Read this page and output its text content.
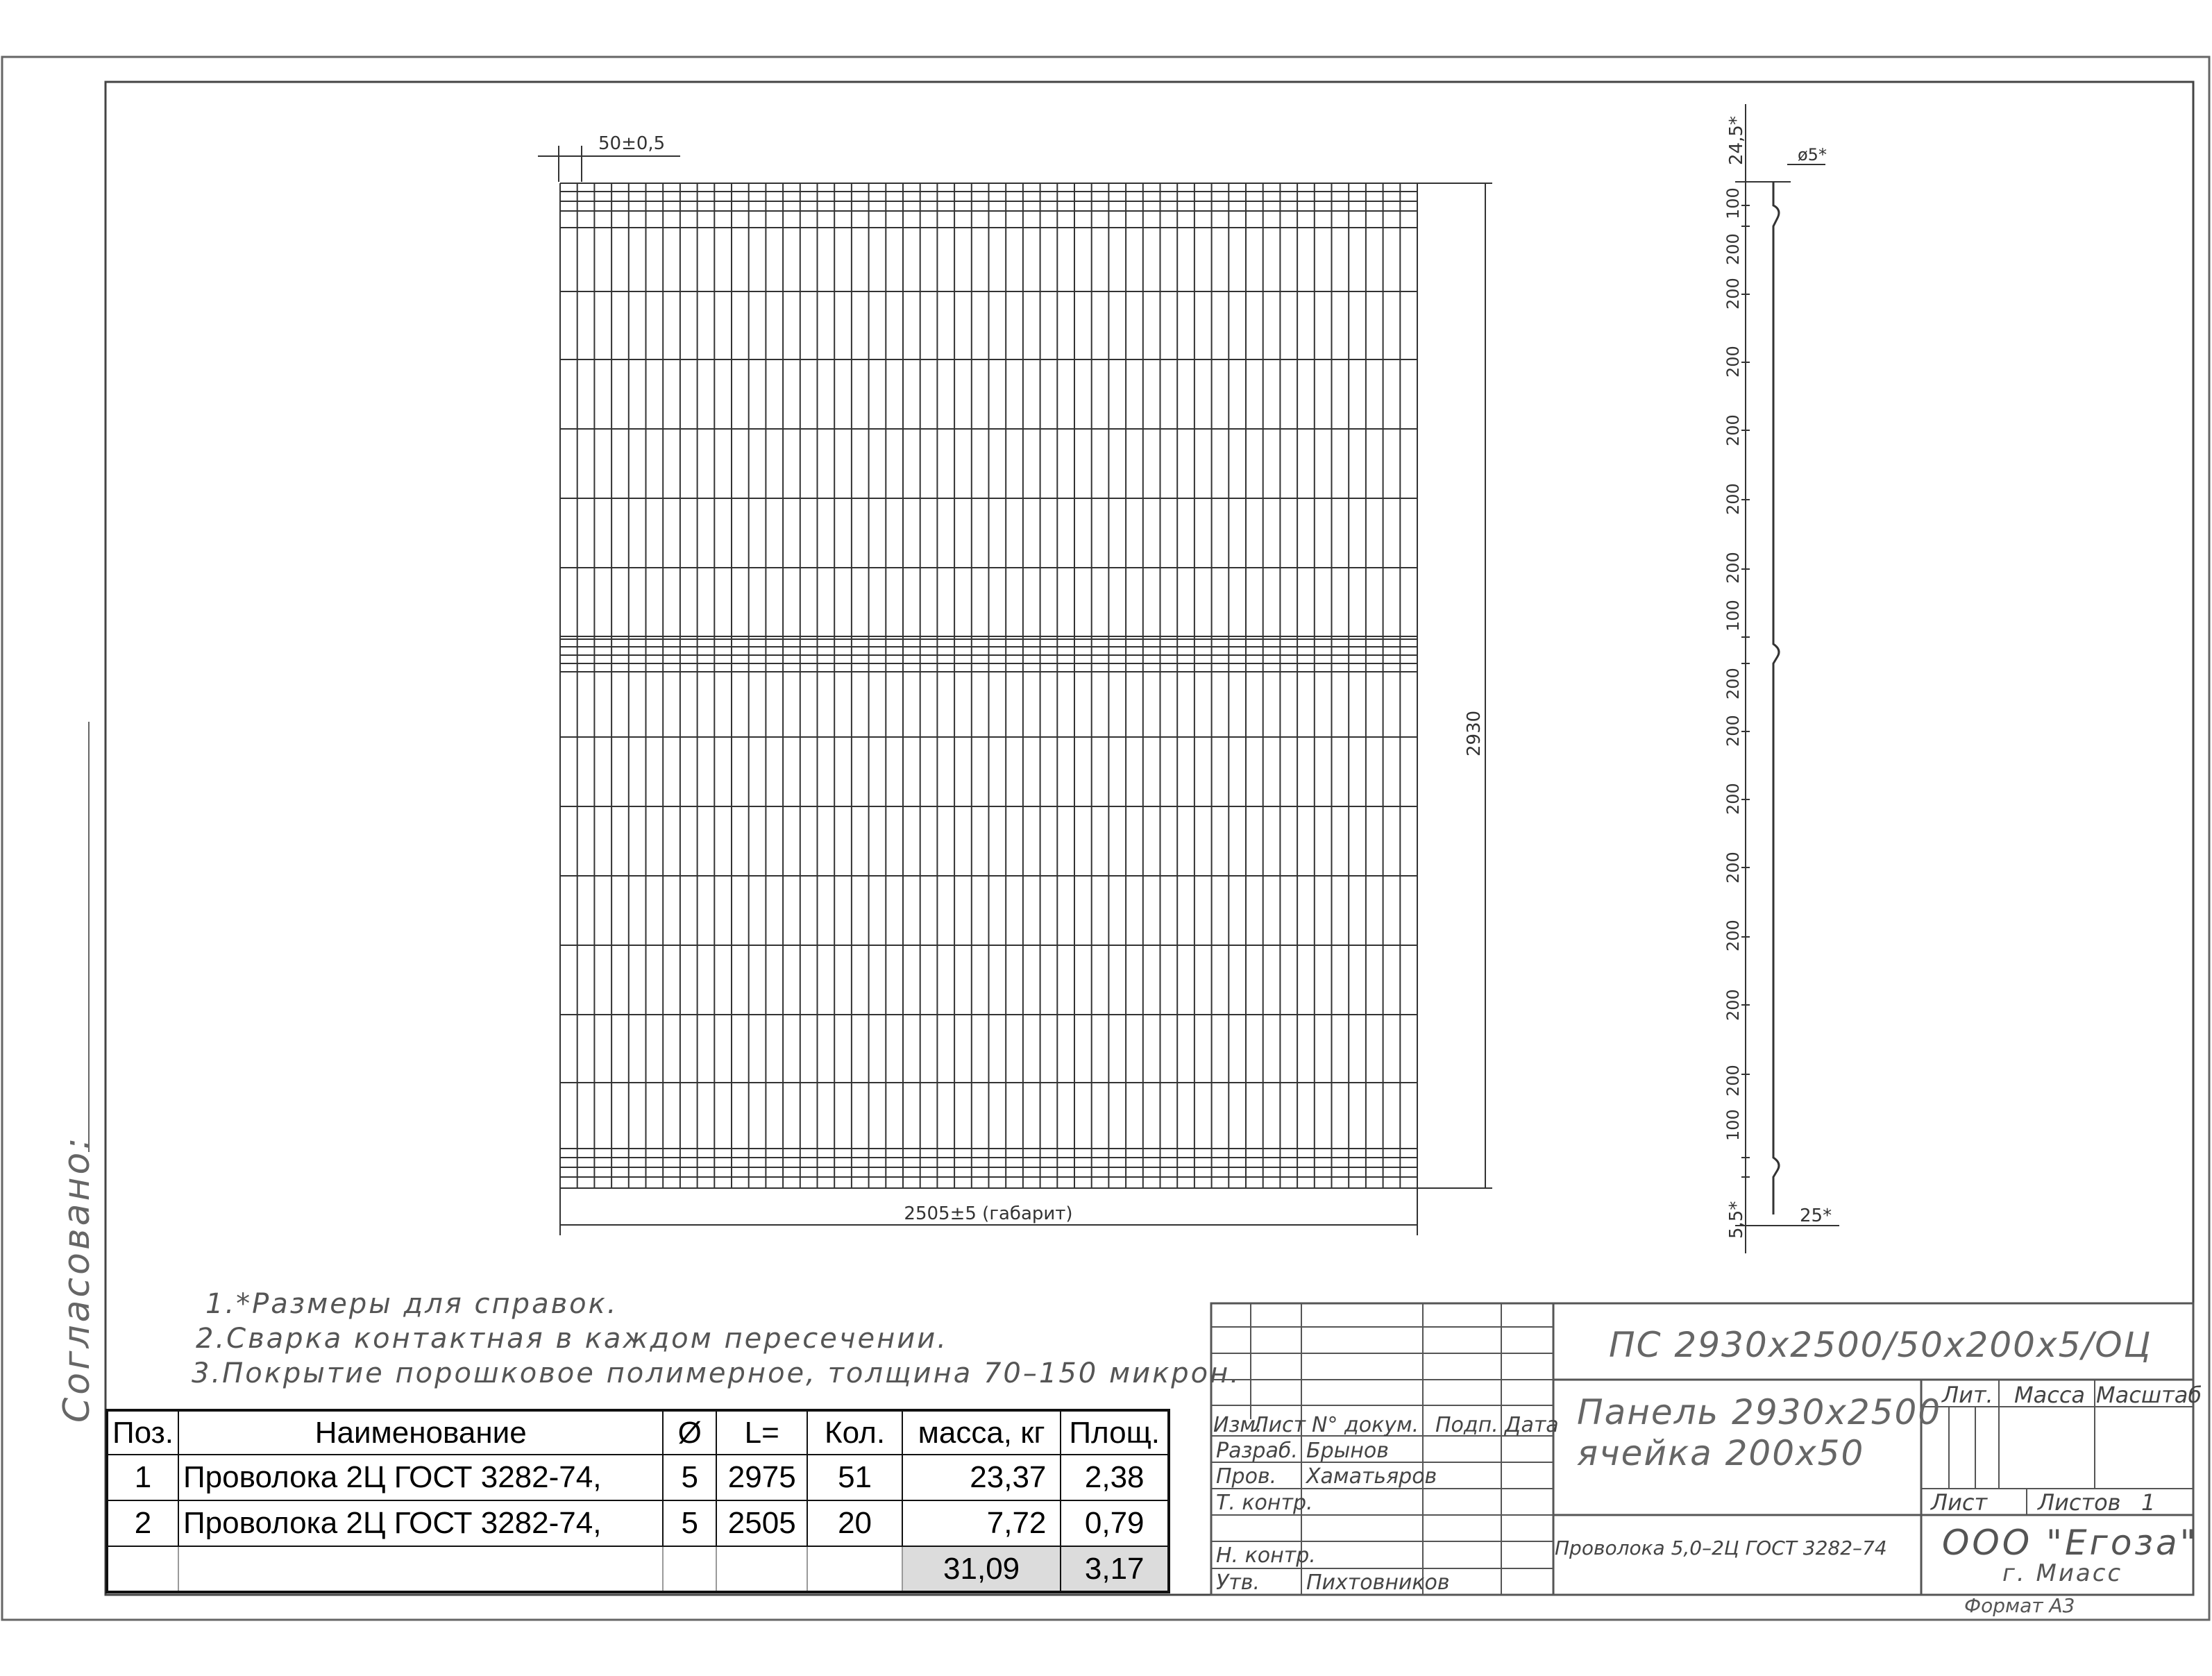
Согласовано:
50±0,5
2930
2505±5 (габарит)
100
200
200
200
200
200
200
100
200
200
200
200
200
200
200
100
24,5*	ø5*
5,5*	25*
1.*Размеры для справок.
2.Сварка контактная в каждом пересечении.
3.Покрытие порошковое полимерное, толщина 70–150 микрон.
ПС 2930х2500/50х200х5/ОЦ
Панель 2930х2500
ячейка 200х50
Проволока 5,0–2Ц ГОСТ 3282–74 ООО "Егоза"
г. Миасс
Формат А3
Лит. Масса Масштаб
Лист Листов 1
Изм.
Лист N° докум. Подп. Дата
Разраб. Брынов
Пров. Хаматьяров
Т. контр.
Н. контр.
Утв. Пихтовников
Поз.	Наименование	Ø	L=	Кол.	масса, кг	Площ.
1	Проволока 2Ц ГОСТ 3282-74,	5	2975	51	23,37	2,38
2	Проволока 2Ц ГОСТ 3282-74,	5	2505	20	7,72	0,79
					31,09	3,17
